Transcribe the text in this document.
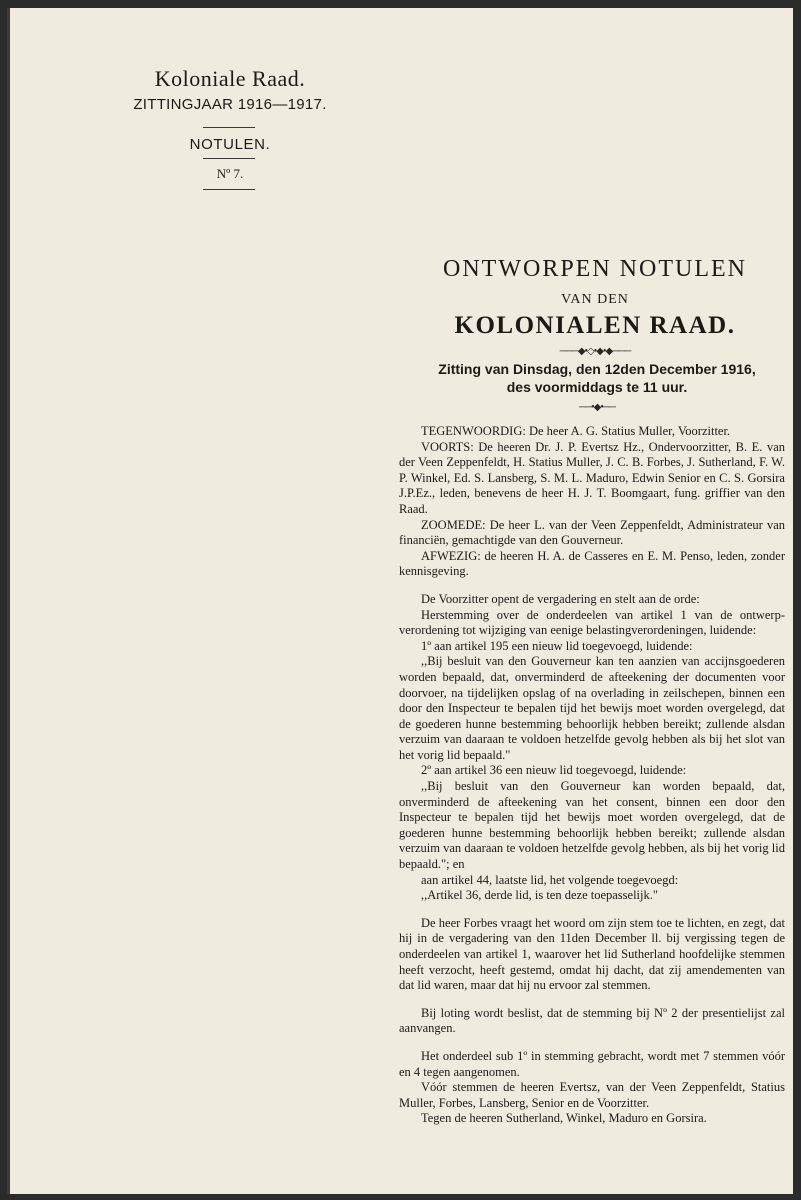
Koloniale Raad.
ZITTINGJAAR 1916—1917.
NOTULEN.
Nº 7.
ONTWORPEN NOTULEN
VAN DEN
KOLONIALEN RAAD.
───◆•◇•◆•◆───
Zitting van Dinsdag, den 12den December 1916,
des voormiddags te 11 uur.
──•◆•──

TEGENWOORDIG: De heer A. G. Statius Muller, Voorzitter.

VOORTS: De heeren Dr. J. P. Evertsz Hz., Ondervoorzitter, B. E. van der Veen Zeppenfeldt, H. Statius Muller, J. C. B. Forbes, J. Sutherland, F. W. P. Winkel, Ed. S. Lansberg, S. M. L. Maduro, Edwin Senior en C. S. Gorsira J.P.Ez., leden, benevens de heer H. J. T. Boomgaart, fung. griffier van den Raad.

ZOOMEDE: De heer L. van der Veen Zeppenfeldt, Administrateur van financiën, gemachtigde van den Gouverneur.

AFWEZIG: de heeren H. A. de Casseres en E. M. Penso, leden, zonder kennisgeving.

De Voorzitter opent de vergadering en stelt aan de orde:

Herstemming over de onderdeelen van artikel 1 van de ontwerp-verordening tot wijziging van eenige belastingverordeningen, luidende:

1º aan artikel 195 een nieuw lid toegevoegd, luidende:

,,Bij besluit van den Gouverneur kan ten aanzien van accijnsgoederen worden bepaald, dat, onverminderd de afteekening der documenten voor doorvoer, na tijdelijken opslag of na overlading in zeilschepen, binnen een door den Inspecteur te bepalen tijd het bewijs moet worden overgelegd, dat de goederen hunne bestemming behoorlijk hebben bereikt; zullende alsdan verzuim van daaraan te voldoen hetzelfde gevolg hebben als bij het slot van het vorig lid bepaald."

2º aan artikel 36 een nieuw lid toegevoegd, luidende:

,,Bij besluit van den Gouverneur kan worden bepaald, dat, onverminderd de afteekening van het consent, binnen een door den Inspecteur te bepalen tijd het bewijs moet worden overgelegd, dat de goederen hunne bestemming behoorlijk hebben bereikt; zullende alsdan verzuim van daaraan te voldoen hetzelfde gevolg hebben, als bij het vorig lid bepaald."; en

aan artikel 44, laatste lid, het volgende toegevoegd:

,,Artikel 36, derde lid, is ten deze toepasselijk."

De heer Forbes vraagt het woord om zijn stem toe te lichten, en zegt, dat hij in de vergadering van den 11den December ll. bij vergissing tegen de onderdeelen van artikel 1, waarover het lid Sutherland hoofdelijke stemmen heeft verzocht, heeft gestemd, omdat hij dacht, dat zij amendementen van dat lid waren, maar dat hij nu ervoor zal stemmen.

Bij loting wordt beslist, dat de stemming bij Nº 2 der presentielijst zal aanvangen.

Het onderdeel sub 1º in stemming gebracht, wordt met 7 stemmen vóór en 4 tegen aangenomen.

Vóór stemmen de heeren Evertsz, van der Veen Zeppenfeldt, Statius Muller, Forbes, Lansberg, Senior en de Voorzitter.

Tegen de heeren Sutherland, Winkel, Maduro en Gorsira.
